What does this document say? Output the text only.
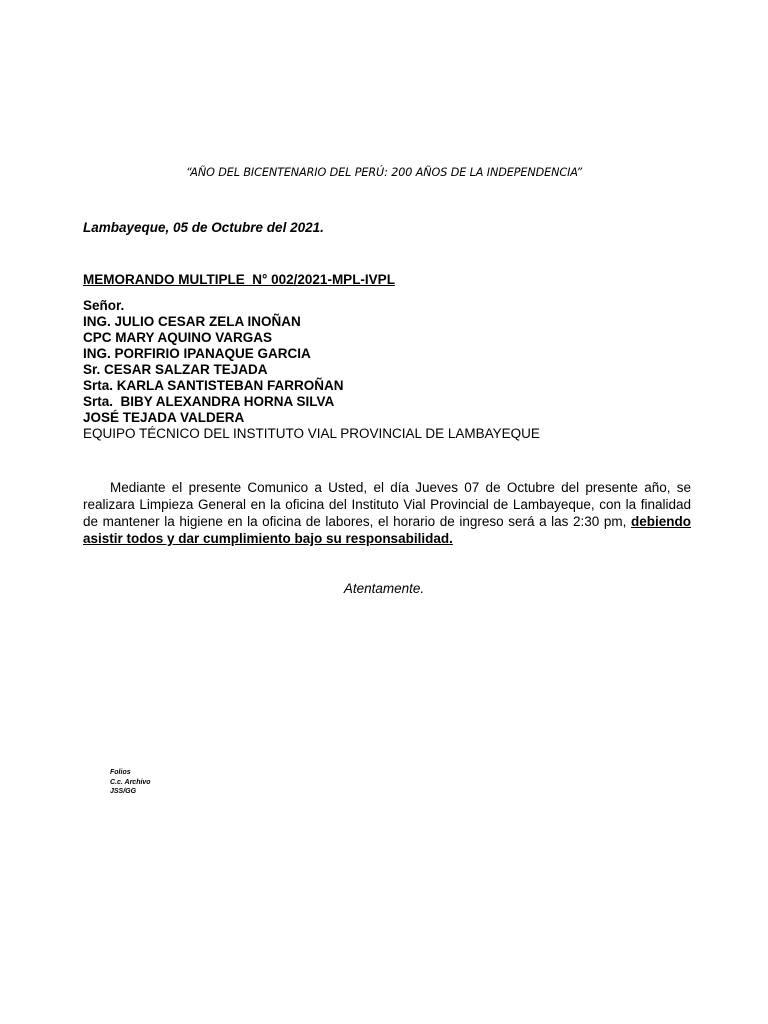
“AÑO DEL BICENTENARIO DEL PERÚ: 200 AÑOS DE LA INDEPENDENCIA”
Lambayeque, 05 de Octubre del 2021.
MEMORANDO MULTIPLE  N° 002/2021-MPL-IVPL
Señor.
ING. JULIO CESAR ZELA INOÑAN
CPC MARY AQUINO VARGAS
ING. PORFIRIO IPANAQUE GARCIA
Sr. CESAR SALZAR TEJADA
Srta. KARLA SANTISTEBAN FARROÑAN
Srta.  BIBY ALEXANDRA HORNA SILVA
JOSÉ TEJADA VALDERA
EQUIPO TÉCNICO DEL INSTITUTO VIAL PROVINCIAL DE LAMBAYEQUE
Mediante el presente Comunico a Usted, el día Jueves 07 de Octubre del presente año, se realizara Limpieza General en la oficina del Instituto Vial Provincial de Lambayeque, con la finalidad de mantener la higiene en la oficina de labores, el horario de ingreso será a las 2:30 pm, debiendo asistir todos y dar cumplimiento bajo su responsabilidad.
Atentamente.
Folios
C.c. Archivo
JSS/GG
